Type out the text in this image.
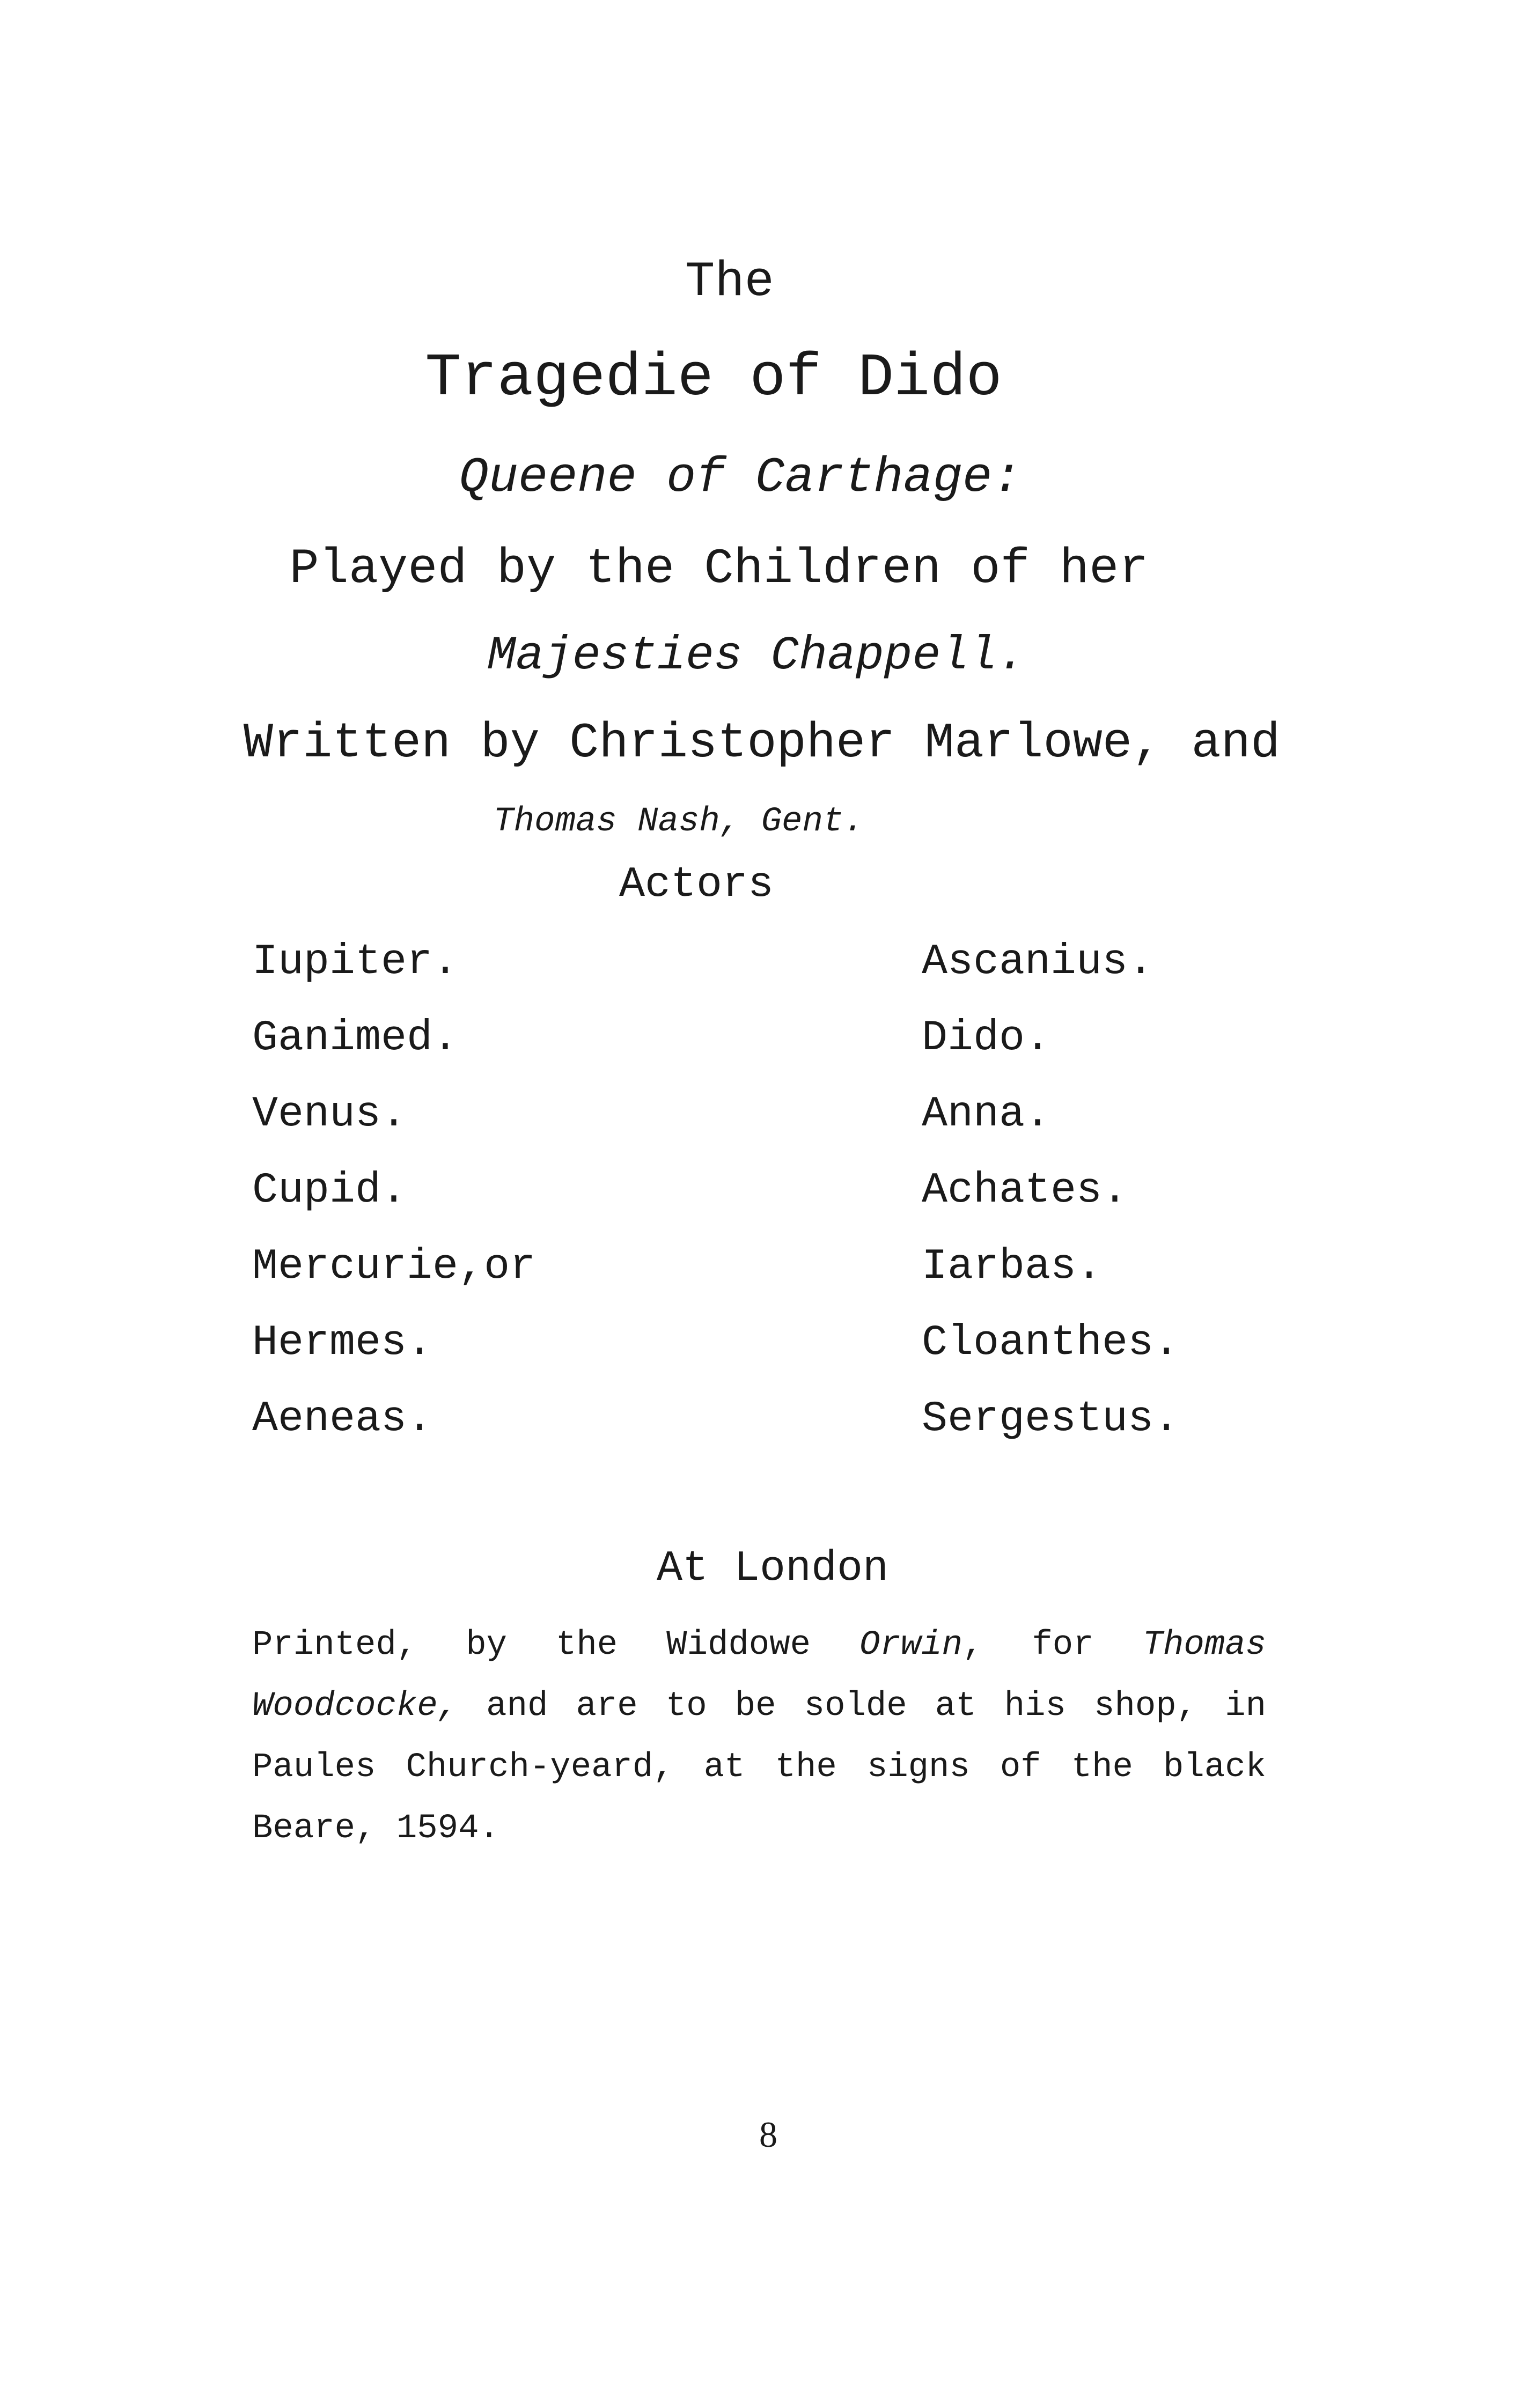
The
Tragedie of Dido
Queene of Carthage:
Played by the Children of her
Majesties Chappell.
Written by Christopher Marlowe, and
Thomas Nash, Gent.
Actors
Iupiter.
Ganimed.
Venus.
Cupid.
Mercurie,or
Hermes.
Aeneas.
Ascanius.
Dido.
Anna.
Achates.
Iarbas.
Cloanthes.
Sergestus.
At London

Printed, by the Widdowe Orwin, for Thomas Woodcocke, and are to be solde at his shop, in Paules Church-yeard, at the signs of the black Beare, 1594.

8
